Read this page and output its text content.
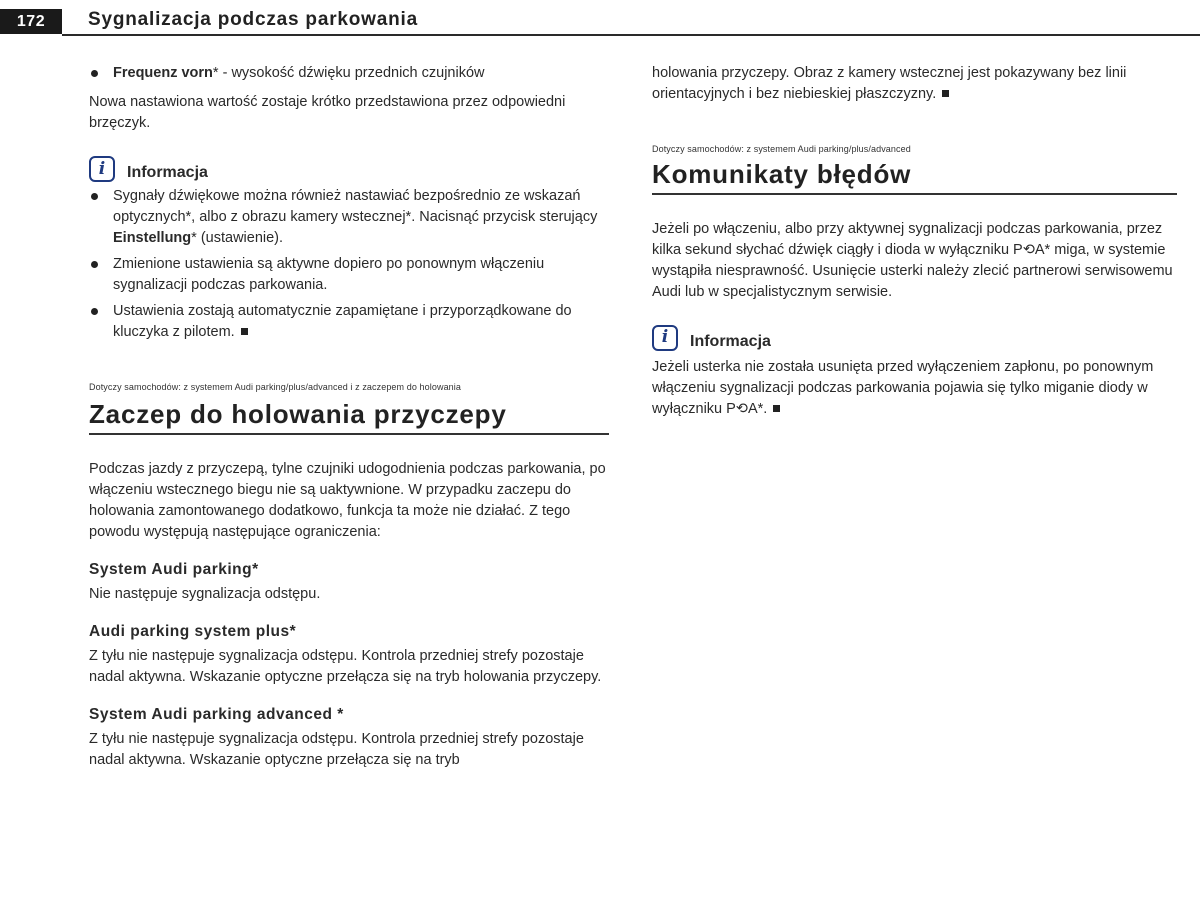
172	Sygnalizacja podczas parkowania
Frequenz vorn* - wysokość dźwięku przednich czujników

Nowa nastawiona wartość zostaje krótko przedstawiona przez odpowiedni brzęczyk.

i	Informacja
Sygnały dźwiękowe można również nastawiać bezpośrednio ze wskazań optycznych*, albo z obrazu kamery wstecznej*. Nacisnąć przycisk sterujący Einstellung* (ustawienie).
Zmienione ustawienia są aktywne dopiero po ponownym włączeniu sygnalizacji podczas parkowania.
Ustawienia zostają automatycznie zapamiętane i przyporządkowane do kluczyka z pilotem.
Dotyczy samochodów: z systemem Audi parking/plus/advanced i z zaczepem do holowania
Zaczep do holowania przyczepy

Podczas jazdy z przyczepą, tylne czujniki udogodnienia podczas parkowania, po włączeniu wstecznego biegu nie są uaktywnione. W przypadku zaczepu do holowania zamontowanego dodatkowo, funkcja ta może nie działać. Z tego powodu występują następujące ograniczenia:

System Audi parking*

Nie następuje sygnalizacja odstępu.

Audi parking system plus*

Z tyłu nie następuje sygnalizacja odstępu. Kontrola przedniej strefy pozostaje nadal aktywna. Wskazanie optyczne przełącza się na tryb holowania przyczepy.

System Audi parking advanced *

Z tyłu nie następuje sygnalizacja odstępu. Kontrola przedniej strefy pozostaje nadal aktywna. Wskazanie optyczne przełącza się na tryb

holowania przyczepy. Obraz z kamery wstecznej jest pokazywany bez linii orientacyjnych i bez niebieskiej płaszczyzny.

Dotyczy samochodów: z systemem Audi parking/plus/advanced
Komunikaty błędów

Jeżeli po włączeniu, albo przy aktywnej sygnalizacji podczas parkowania, przez kilka sekund słychać dźwięk ciągły i dioda w wyłączniku P⟲A* miga, w systemie wystąpiła niesprawność. Usunięcie usterki należy zlecić partnerowi serwisowemu Audi lub w specjalistycznym serwisie.

i	Informacja

Jeżeli usterka nie została usunięta przed wyłączeniem zapłonu, po ponownym włączeniu sygnalizacji podczas parkowania pojawia się tylko miganie diody w wyłączniku P⟲A*.
